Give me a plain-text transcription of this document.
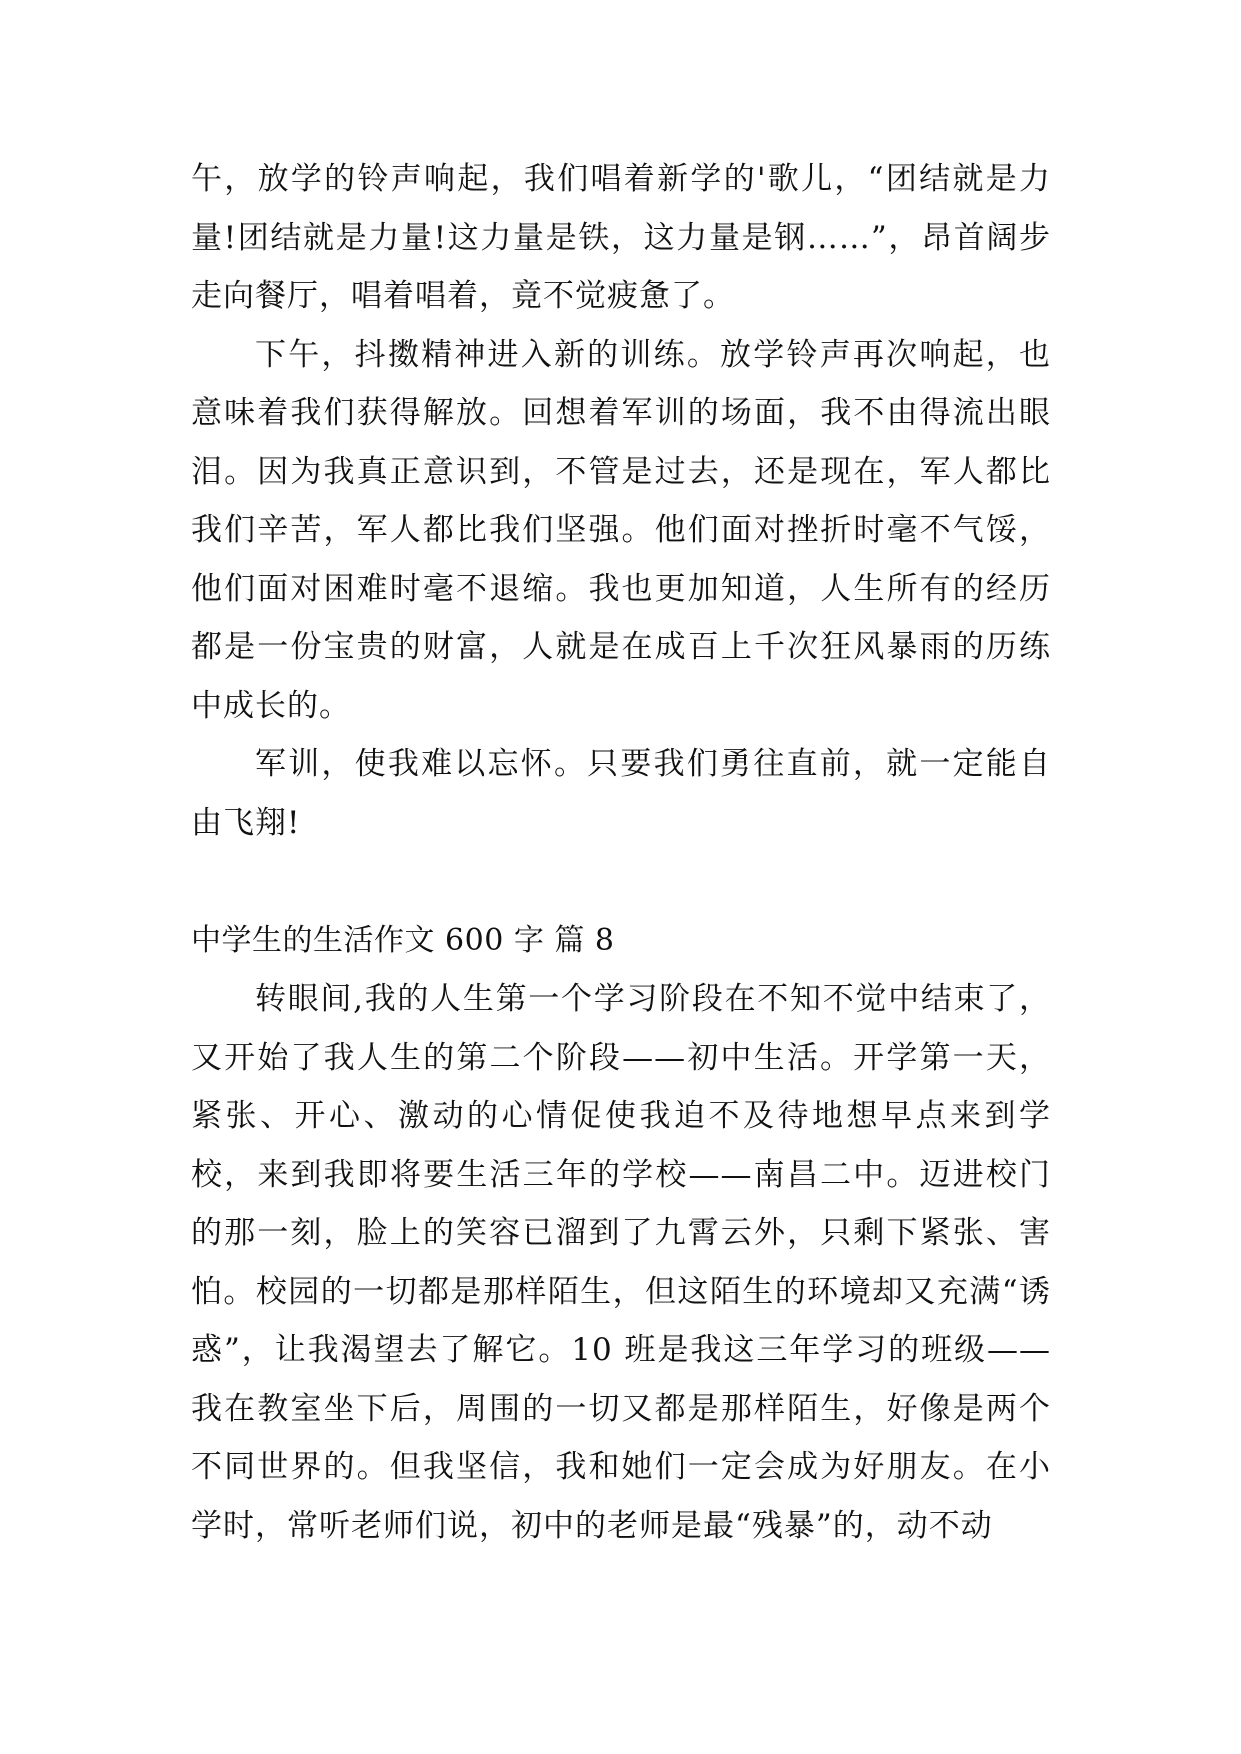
午，放学的铃声响起，我们唱着新学的'歌儿，“团结就是力量!团结就是力量!这力量是铁，这力量是钢……”，昂首阔步走向餐厅，唱着唱着，竟不觉疲惫了。

下午，抖擞精神进入新的训练。放学铃声再次响起，也意味着我们获得解放。回想着军训的场面，我不由得流出眼泪。因为我真正意识到，不管是过去，还是现在，军人都比我们辛苦，军人都比我们坚强。他们面对挫折时毫不气馁，他们面对困难时毫不退缩。我也更加知道，人生所有的经历都是一份宝贵的财富，人就是在成百上千次狂风暴雨的历练中成长的。

军训，使我难以忘怀。只要我们勇往直前，就一定能自由飞翔!

中学生的生活作文 600 字 篇 8

转眼间,我的人生第一个学习阶段在不知不觉中结束了，又开始了我人生的第二个阶段——初中生活。开学第一天，紧张、开心、激动的心情促使我迫不及待地想早点来到学校，来到我即将要生活三年的学校——南昌二中。迈进校门的那一刻，脸上的笑容已溜到了九霄云外，只剩下紧张、害怕。校园的一切都是那样陌生，但这陌生的环境却又充满“诱惑”，让我渴望去了解它。10 班是我这三年学习的班级——我在教室坐下后，周围的一切又都是那样陌生，好像是两个不同世界的。但我坚信，我和她们一定会成为好朋友。在小学时，常听老师们说，初中的老师是最“残暴”的，动不动
